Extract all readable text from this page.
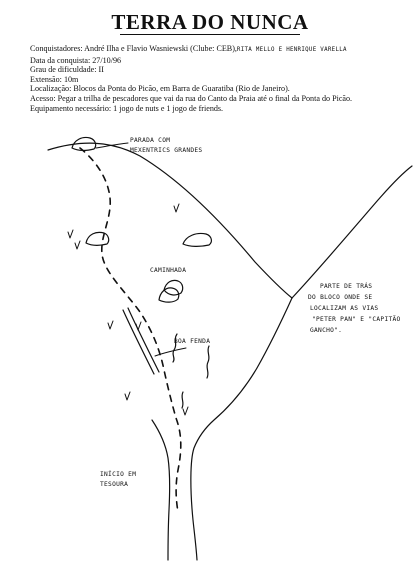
TERRA DO NUNCA
Conquistadores: André Ilha e Flavio Wasniewski (Clube: CEB),RITA MELLO E HENRIQUE VARELLA
Data da conquista: 27/10/96
Grau de dificuldade: II
Extensão: 10m
Localização: Blocos da Ponta do Picão, em Barra de Guaratiba (Rio de Janeiro).
Acesso: Pegar a trilha de pescadores que vai da rua do Canto da Praia até o final da Ponta do Picão.
Equipamento necessário: 1 jogo de nuts e 1 jogo de friends.
PARADA COM
MEXENTRICS GRANDES
CAMINHADA
BOA FENDA
INÍCIO EM
TESOURA
PARTE DE TRÁS
DO BLOCO ONDE SE
LOCALIZAM AS VIAS
"PETER PAN" E "CAPITÃO
GANCHO".
